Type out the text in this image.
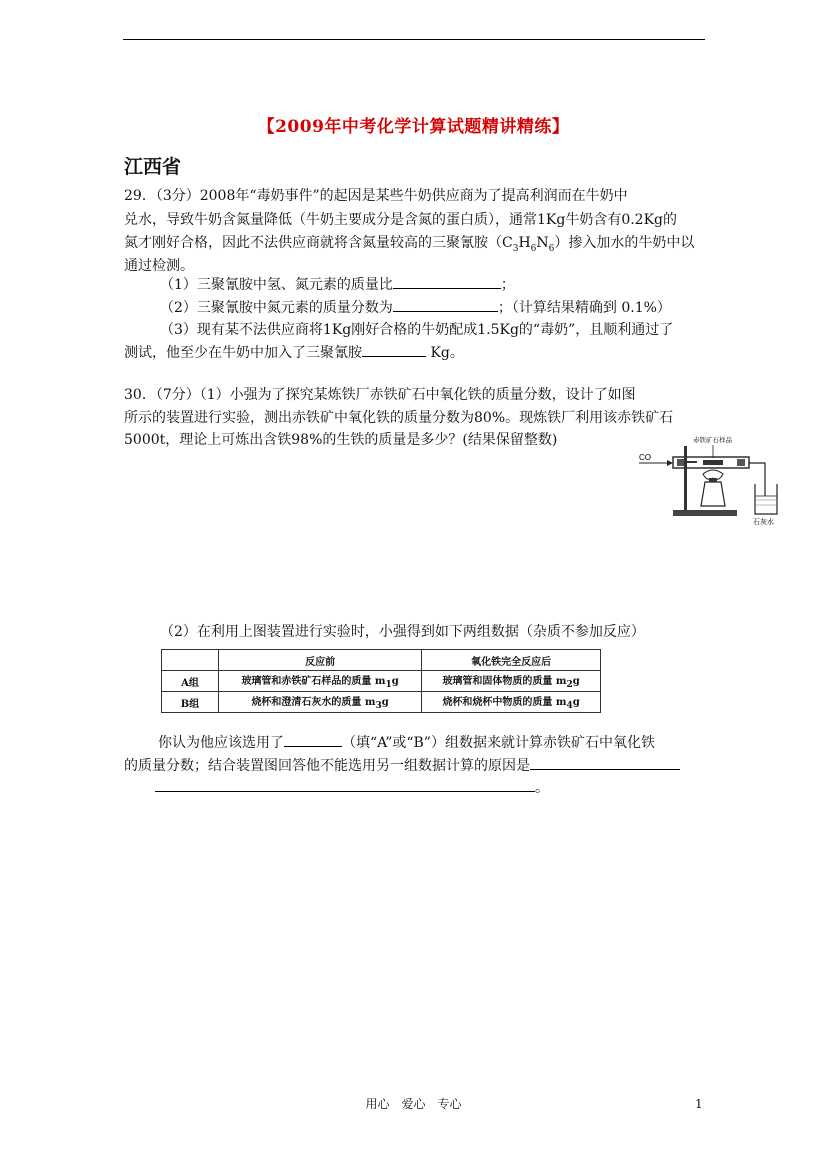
【2009年中考化学计算试题精讲精练】
江西省
29．（3分）2008年“毒奶事件”的起因是某些牛奶供应商为了提高利润而在牛奶中
兑水，导致牛奶含氮量降低（牛奶主要成分是含氮的蛋白质），通常1Kg牛奶含有0.2Kg的
氮才刚好合格，因此不法供应商就将含氮量较高的三聚氰胺$(C_3H_6N_6)$掺入加水的牛奶中以
通过检测。
（1）三聚氰胺中氢、氮元素的质量比	；
（2）三聚氰胺中氮元素的质量分数为	；（计算结果精确到 0.1%）
（3）现有某不法供应商将1Kg刚好合格的牛奶配成1.5Kg的“毒奶”，且顺利通过了
测试，他至少在牛奶中加入了三聚氰胺	Kg。
30．（7分）（1）小强为了探究某炼铁厂赤铁矿石中氧化铁的质量分数，设计了如图
所示的装置进行实验，测出赤铁矿中氧化铁的质量分数为80%。现炼铁厂利用该赤铁矿石
5000t，理论上可炼出含铁98%的生铁的质量是多少？(结果保留整数)
CO
赤铁矿石样品
石灰水
（2）在利用上图装置进行实验时，小强得到如下两组数据（杂质不参加反应）
	反应前	氧化铁完全反应后
A组	玻璃管和赤铁矿石样品的质量 $m_1g$	玻璃管和固体物质的质量 $m_2g$
B组	烧杯和澄清石灰水的质量 $m_3g$	烧杯和烧杯中物质的质量 $m_4g$
你认为他应该选用了	（填“A”或“B”）组数据来就计算赤铁矿石中氧化铁
的质量分数；结合装置图回答他不能选用另一组数据计算的原因是
。
用心　爱心　专心	1
